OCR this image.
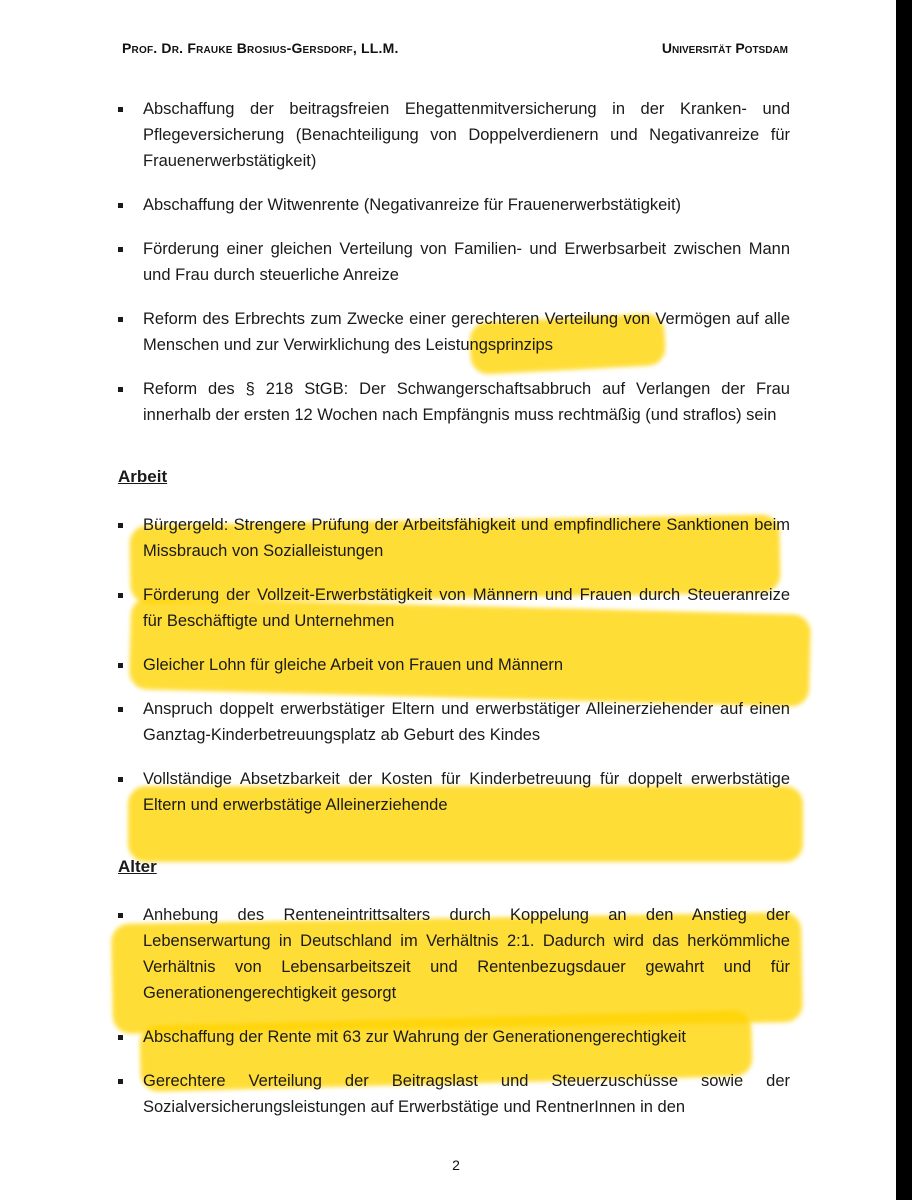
Prof. Dr. Frauke Brosius-Gersdorf, LL.M.	Universität Potsdam
Abschaffung der beitragsfreien Ehegattenmitversicherung in der Kranken- und Pflegeversicherung (Benachteiligung von Doppelverdienern und Negativanreize für Frauenerwerbstätigkeit)
Abschaffung der Witwenrente (Negativanreize für Frauenerwerbstätigkeit)
Förderung einer gleichen Verteilung von Familien- und Erwerbsarbeit zwischen Mann und Frau durch steuerliche Anreize
Reform des Erbrechts zum Zwecke einer gerechteren Verteilung von Vermögen auf alle Menschen und zur Verwirklichung des Leistungsprinzips
Reform des § 218 StGB: Der Schwangerschaftsabbruch auf Verlangen der Frau innerhalb der ersten 12 Wochen nach Empfängnis muss rechtmäßig (und straflos) sein
Arbeit
Bürgergeld: Strengere Prüfung der Arbeitsfähigkeit und empfindlichere Sanktionen beim Missbrauch von Sozialleistungen
Förderung der Vollzeit-Erwerbstätigkeit von Männern und Frauen durch Steueranreize für Beschäftigte und Unternehmen
Gleicher Lohn für gleiche Arbeit von Frauen und Männern
Anspruch doppelt erwerbstätiger Eltern und erwerbstätiger Alleinerziehender auf einen Ganztag-Kinderbetreuungsplatz ab Geburt des Kindes
Vollständige Absetzbarkeit der Kosten für Kinderbetreuung für doppelt erwerbstätige Eltern und erwerbstätige Alleinerziehende
Alter
Anhebung des Renteneintrittsalters durch Koppelung an den Anstieg der Lebenserwartung in Deutschland im Verhältnis 2:1. Dadurch wird das herkömmliche Verhältnis von Lebensarbeitszeit und Rentenbezugsdauer gewahrt und für Generationengerechtigkeit gesorgt
Abschaffung der Rente mit 63 zur Wahrung der Generationengerechtigkeit
Gerechtere Verteilung der Beitragslast und Steuerzuschüsse sowie der Sozialversicherungsleistungen auf Erwerbstätige und RentnerInnen in den
2
